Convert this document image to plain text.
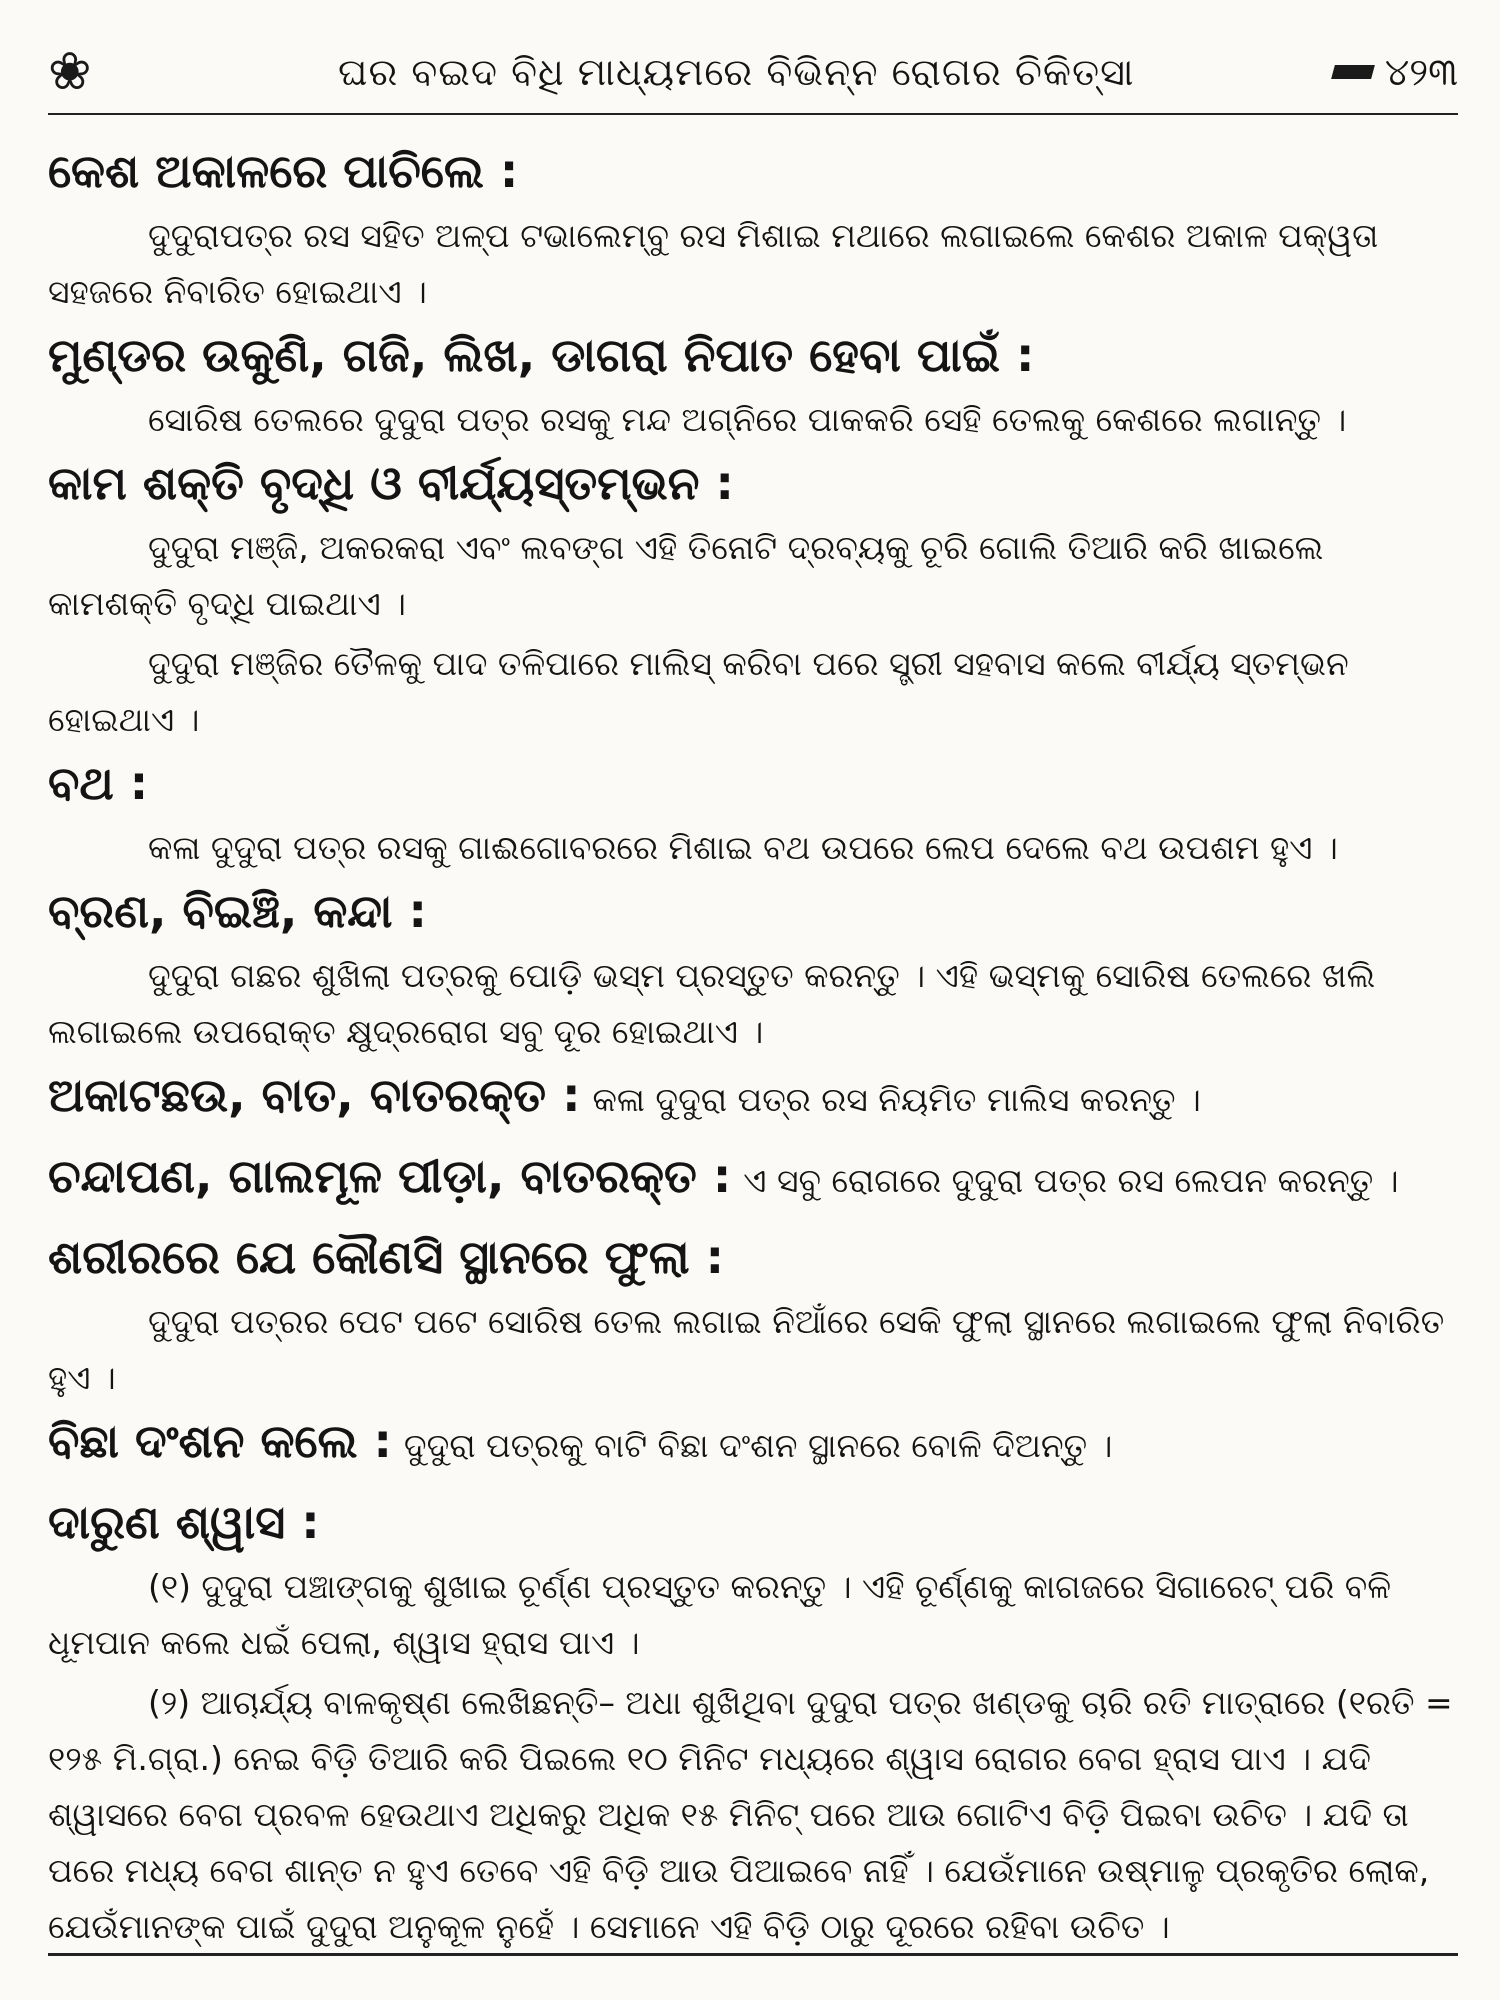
❀	ଘର ବଇଦ ବିଧି ମାଧ୍ୟମରେ ବିଭିନ୍ନ ରୋଗର ଚିକିତ୍ସା	୪୨୩
କେଶ ଅକାଳରେ ପାଚିଲେ :

ଦୁଦୁରାପତ୍ର ରସ ସହିତ ଅଳ୍ପ ଟଭାଲେମ୍ବୁ ରସ ମିଶାଇ ମଥାରେ ଲଗାଇଲେ କେଶର ଅକାଳ ପକ୍ୱତା ସହଜରେ ନିବାରିତ ହୋଇଥାଏ ।

ମୁଣ୍ଡର ଉକୁଣି, ଗଜି, ଲିଖ, ଡାଗରା ନିପାତ ହେବା ପାଇଁ :

ସୋରିଷ ତେଲରେ ଦୁଦୁରା ପତ୍ର ରସକୁ ମନ୍ଦ ଅଗ୍ନିରେ ପାକକରି ସେହି ତେଲକୁ କେଶରେ ଲଗାନ୍ତୁ ।

କାମ ଶକ୍ତି ବୃଦ୍ଧି ଓ ବୀର୍ଯ୍ୟସ୍ତମ୍ଭନ :

ଦୁଦୁରା ମଞ୍ଜି, ଅକରକରା ଏବଂ ଲବଙ୍ଗ ଏହି ତିନୋଟି ଦ୍ରବ୍ୟକୁ ଚୂରି ଗୋଲି ତିଆରି କରି ଖାଇଲେ କାମଶକ୍ତି ବୃଦ୍ଧି ପାଇଥାଏ ।

ଦୁଦୁରା ମଞ୍ଜିର ତୈଳକୁ ପାଦ ତଳିପାରେ ମାଲିସ୍ କରିବା ପରେ ସ୍ତ୍ରୀ ସହବାସ କଲେ ବୀର୍ଯ୍ୟ ସ୍ତମ୍ଭନ ହୋଇଥାଏ ।

ବଥ :

କଳା ଦୁଦୁରା ପତ୍ର ରସକୁ ଗାଈଗୋବରରେ ମିଶାଇ ବଥ ଉପରେ ଲେପ ଦେଲେ ବଥ ଉପଶମ ହୁଏ ।

ବ୍ରଣ, ବିଇଞ୍ଚି, କନ୍ଦା :

ଦୁଦୁରା ଗଛର ଶୁଖିଲା ପତ୍ରକୁ ପୋଡ଼ି ଭସ୍ମ ପ୍ରସ୍ତୁତ କରନ୍ତୁ । ଏହି ଭସ୍ମକୁ ସୋରିଷ ତେଲରେ ଖଲି ଲଗାଇଲେ ଉପରୋକ୍ତ କ୍ଷୁଦ୍ରରୋଗ ସବୁ ଦୂର ହୋଇଥାଏ ।

ଅକାଟଛଉ, ବାତ, ବାତରକ୍ତ : କଳା ଦୁଦୁରା ପତ୍ର ରସ ନିୟମିତ ମାଲିସ କରନ୍ତୁ ।
ଚନ୍ଦାପଣ, ଗାଲମୂଳ ପୀଡ଼ା, ବାତରକ୍ତ : ଏ ସବୁ ରୋଗରେ ଦୁଦୁରା ପତ୍ର ରସ ଲେପନ କରନ୍ତୁ ।
ଶରୀରରେ ଯେ କୌଣସି ସ୍ଥାନରେ ଫୁଲା :

ଦୁଦୁରା ପତ୍ରର ପେଟ ପଟେ ସୋରିଷ ତେଲ ଲଗାଇ ନିଆଁରେ ସେକି ଫୁଲା ସ୍ଥାନରେ ଲଗାଇଲେ ଫୁଲା ନିବାରିତ ହୁଏ ।

ବିଛା ଦଂଶନ କଲେ : ଦୁଦୁରା ପତ୍ରକୁ ବାଟି ବିଛା ଦଂଶନ ସ୍ଥାନରେ ବୋଳି ଦିଅନ୍ତୁ ।
ଦାରୁଣ ଶ୍ୱାସ :

(୧) ଦୁଦୁରା ପଞ୍ଚାଙ୍ଗକୁ ଶୁଖାଇ ଚୂର୍ଣ୍ଣ ପ୍ରସ୍ତୁତ କରନ୍ତୁ । ଏହି ଚୂର୍ଣ୍ଣକୁ କାଗଜରେ ସିଗାରେଟ୍ ପରି ବଳି ଧୂମପାନ କଲେ ଧଇଁ ପେଲା, ଶ୍ୱାସ ହ୍ରାସ ପାଏ ।

(୨) ଆଚାର୍ଯ୍ୟ ବାଳକୃଷ୍ଣ ଲେଖିଛନ୍ତି– ଅଧା ଶୁଖିଥିବା ଦୁଦୁରା ପତ୍ର ଖଣ୍ଡକୁ ଚାରି ରତି ମାତ୍ରାରେ (୧ରତି = ୧୨୫ ମି.ଗ୍ରା.) ନେଇ ବିଡ଼ି ତିଆରି କରି ପିଇଲେ ୧୦ ମିନିଟ ମଧ୍ୟରେ ଶ୍ୱାସ ରୋଗର ବେଗ ହ୍ରାସ ପାଏ । ଯଦି ଶ୍ୱାସରେ ବେଗ ପ୍ରବଳ ହେଉଥାଏ ଅଧିକରୁ ଅଧିକ ୧୫ ମିନିଟ୍ ପରେ ଆଉ ଗୋଟିଏ ବିଡ଼ି ପିଇବା ଉଚିତ । ଯଦି ତା ପରେ ମଧ୍ୟ ବେଗ ଶାନ୍ତ ନ ହୁଏ ତେବେ ଏହି ବିଡ଼ି ଆଉ ପିଆଇବେ ନାହିଁ । ଯେଉଁମାନେ ଉଷ୍ମାଳୁ ପ୍ରକୃତିର ଲୋକ, ଯେଉଁମାନଙ୍କ ପାଇଁ ଦୁଦୁରା ଅନୁକୂଳ ନୁହେଁ । ସେମାନେ ଏହି ବିଡ଼ି ଠାରୁ ଦୂରରେ ରହିବା ଉଚିତ ।
